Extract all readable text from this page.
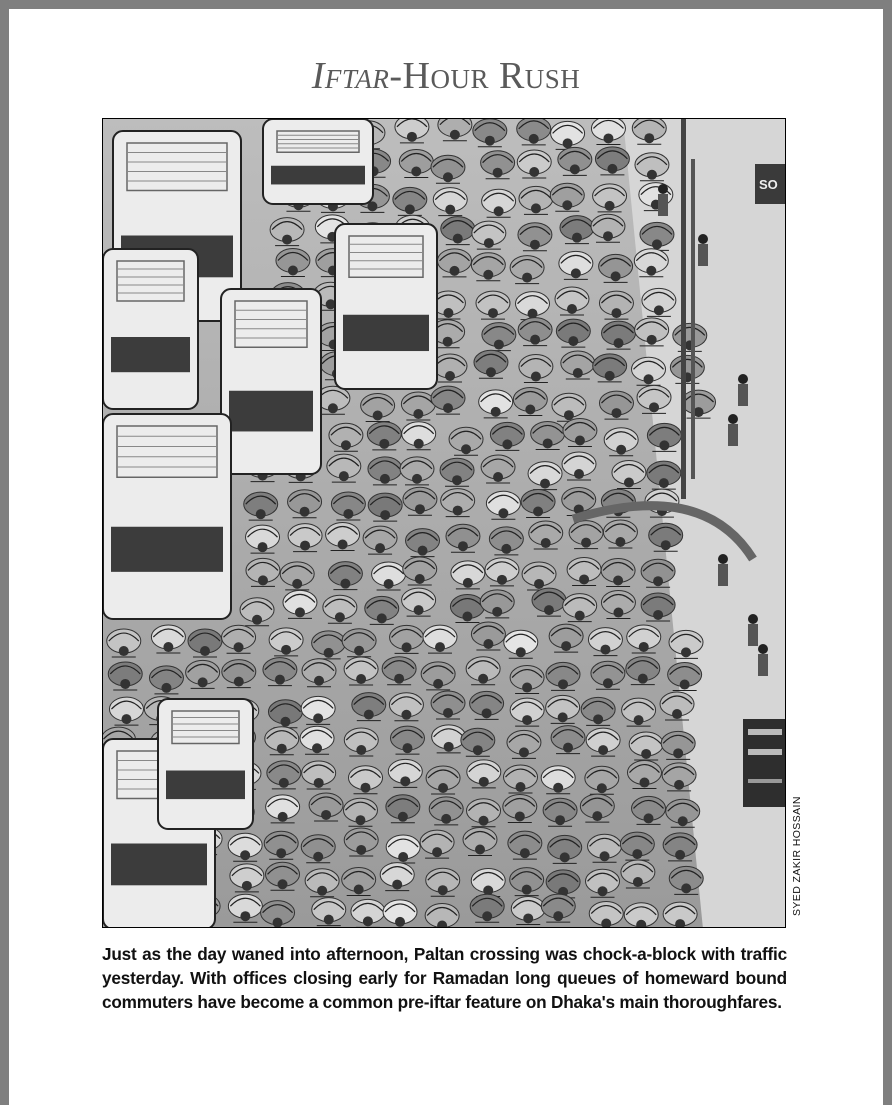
Iftar-Hour Rush
SO
SYED ZAKIR HOSSAIN
Just as the day waned into afternoon, Paltan crossing was chock-a-block with traffic yesterday. With offices closing early for Ramadan long queues of homeward bound commuters have become a common pre-iftar feature on Dhaka's main thoroughfares.
